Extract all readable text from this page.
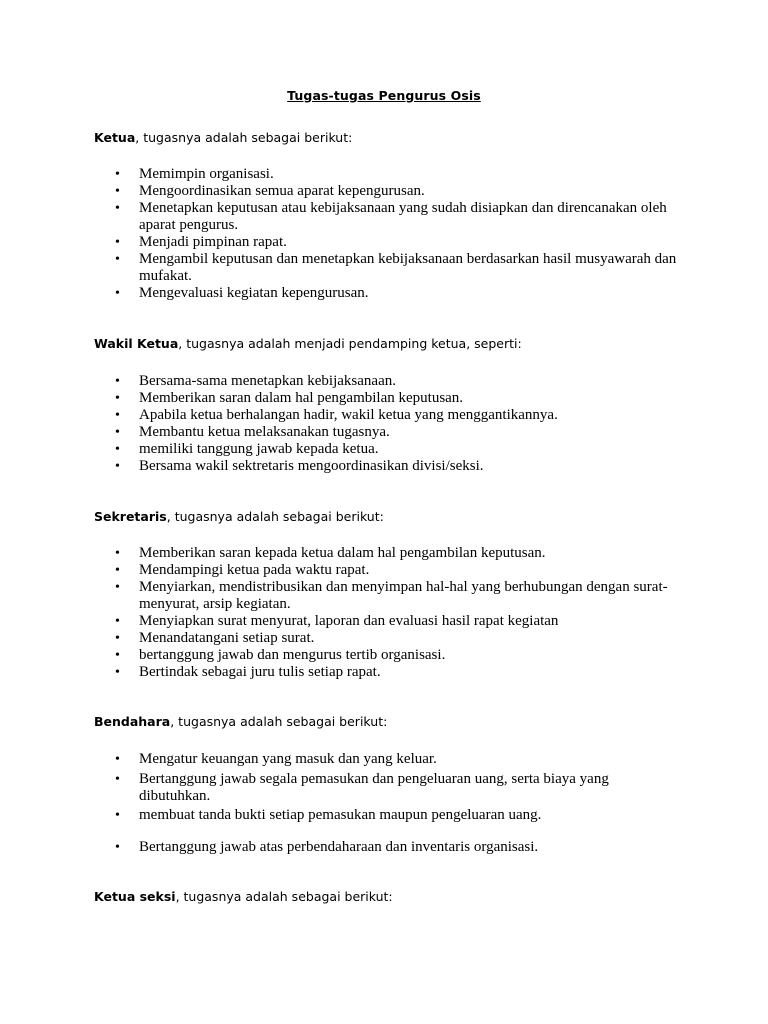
Tugas-tugas Pengurus Osis
Ketua, tugasnya adalah sebagai berikut:
• Memimpin organisasi.
• Mengoordinasikan semua aparat kepengurusan.
• Menetapkan keputusan atau kebijaksanaan yang sudah disiapkan dan direncanakan oleh aparat pengurus.
• Menjadi pimpinan rapat.
• Mengambil keputusan dan menetapkan kebijaksanaan berdasarkan hasil musyawarah dan mufakat.
• Mengevaluasi kegiatan kepengurusan.
Wakil Ketua, tugasnya adalah menjadi pendamping ketua, seperti:
• Bersama-sama menetapkan kebijaksanaan.
• Memberikan saran dalam hal pengambilan keputusan.
• Apabila ketua berhalangan hadir, wakil ketua yang menggantikannya.
• Membantu ketua melaksanakan tugasnya.
• memiliki tanggung jawab kepada ketua.
• Bersama wakil sektretaris mengoordinasikan divisi/seksi.
Sekretaris, tugasnya adalah sebagai berikut:
• Memberikan saran kepada ketua dalam hal pengambilan keputusan.
• Mendampingi ketua pada waktu rapat.
• Menyiarkan, mendistribusikan dan menyimpan hal-hal yang berhubungan dengan surat-menyurat, arsip kegiatan.
• Menyiapkan surat menyurat, laporan dan evaluasi hasil rapat kegiatan
• Menandatangani setiap surat.
• bertanggung jawab dan mengurus tertib organisasi.
• Bertindak sebagai juru tulis setiap rapat.
Bendahara, tugasnya adalah sebagai berikut:
• Mengatur keuangan yang masuk dan yang keluar.
• Bertanggung jawab segala pemasukan dan pengeluaran uang, serta biaya yang dibutuhkan.
• membuat tanda bukti setiap pemasukan maupun pengeluaran uang.
• Bertanggung jawab atas perbendaharaan dan inventaris organisasi.
Ketua seksi, tugasnya adalah sebagai berikut:
